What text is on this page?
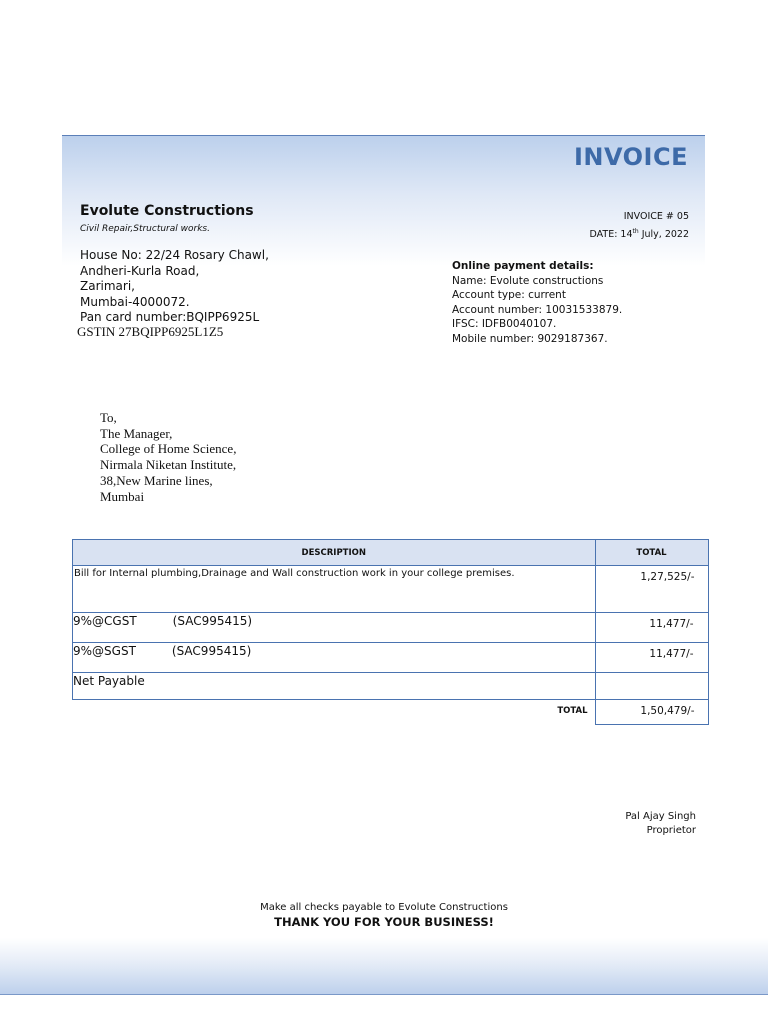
INVOICE
Evolute Constructions
Civil Repair,Structural works.
INVOICE # 05
DATE: 14th July, 2022
House No: 22/24 Rosary Chawl,
Andheri-Kurla Road,
Zarimari,
Mumbai-4000072.
Pan card number:BQIPP6925L
GSTIN 27BQIPP6925L1Z5
Online payment details:
Name: Evolute constructions
Account type: current
Account number: 10031533879.
IFSC: IDFB0040107.
Mobile number: 9029187367.
To,
The Manager,
College of Home Science,
Nirmala Niketan Institute,
38,New Marine lines,
Mumbai
DESCRIPTION	TOTAL
Bill for Internal plumbing,Drainage and Wall construction work in your college premises.	1,27,525/-
9%@CGST (SAC995415)	11,477/-
9%@SGST (SAC995415)	11,477/-
Net Payable	
TOTAL	1,50,479/-
Pal Ajay Singh
Proprietor
Make all checks payable to Evolute Constructions
THANK YOU FOR YOUR BUSINESS!
